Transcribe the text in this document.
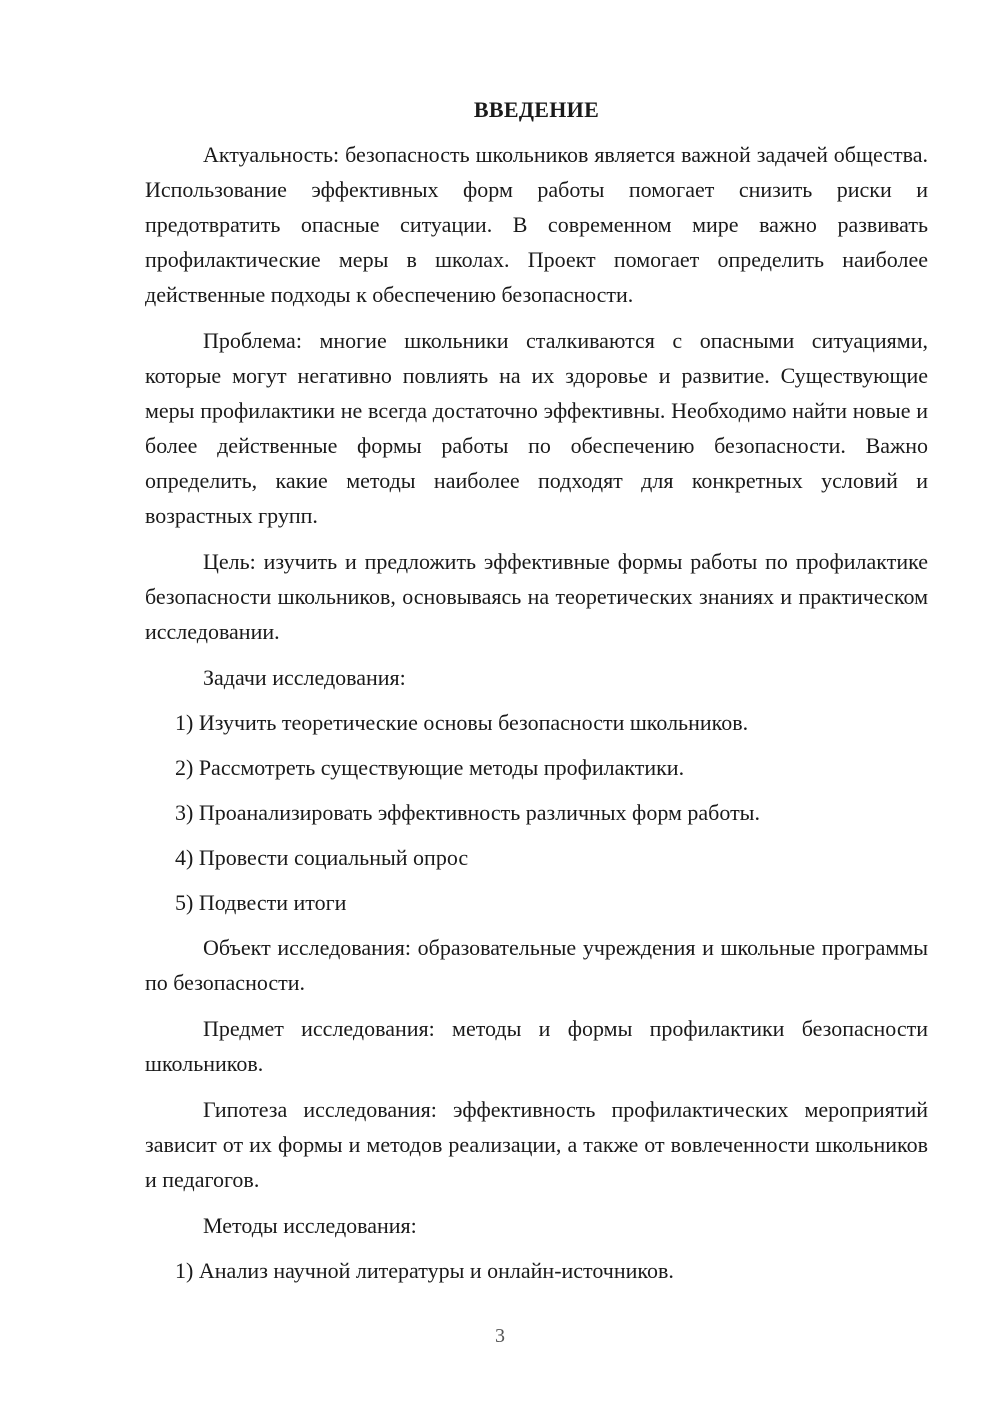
ВВЕДЕНИЕ

Актуальность: безопасность школьников является важной задачей общества. Использование эффективных форм работы помогает снизить риски и предотвратить опасные ситуации. В современном мире важно развивать профилактические меры в школах. Проект помогает определить наиболее действенные подходы к обеспечению безопасности.

Проблема: многие школьники сталкиваются с опасными ситуациями, которые могут негативно повлиять на их здоровье и развитие. Существующие меры профилактики не всегда достаточно эффективны. Необходимо найти новые и более действенные формы работы по обеспечению безопасности. Важно определить, какие методы наиболее подходят для конкретных условий и возрастных групп.

Цель: изучить и предложить эффективные формы работы по профилактике безопасности школьников, основываясь на теоретических знаниях и практическом исследовании.

Задачи исследования:
1) Изучить теоретические основы безопасности школьников.
2) Рассмотреть существующие методы профилактики.
3) Проанализировать эффективность различных форм работы.
4) Провести социальный опрос
5) Подвести итоги

Объект исследования: образовательные учреждения и школьные программы по безопасности.

Предмет исследования: методы и формы профилактики безопасности школьников.

Гипотеза исследования: эффективность профилактических мероприятий зависит от их формы и методов реализации, а также от вовлеченности школьников и педагогов.

Методы исследования:
1) Анализ научной литературы и онлайн-источников.
3
